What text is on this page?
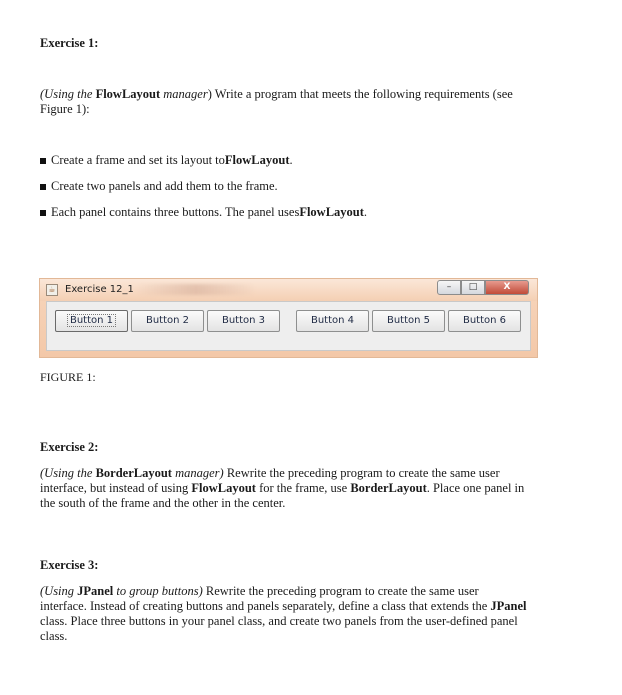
Exercise 1:
(Using the FlowLayout manager) Write a program that meets the following requirements (see
Figure 1):
Create a frame and set its layout to FlowLayout .
Create two panels and add them to the frame.
Each panel contains three buttons. The panel uses FlowLayout .
☕ Exercise 12_1	–	□	X
Button 1	Button 2	Button 3	Button 4	Button 5	Button 6
FIGURE 1:
Exercise 2:
(Using the BorderLayout manager) Rewrite the preceding program to create the same user
interface, but instead of using FlowLayout for the frame, use BorderLayout. Place one panel in
the south of the frame and the other in the center.
Exercise 3:
(Using JPanel to group buttons) Rewrite the preceding program to create the same user
interface. Instead of creating buttons and panels separately, define a class that extends the JPanel
class. Place three buttons in your panel class, and create two panels from the user-defined panel
class.
